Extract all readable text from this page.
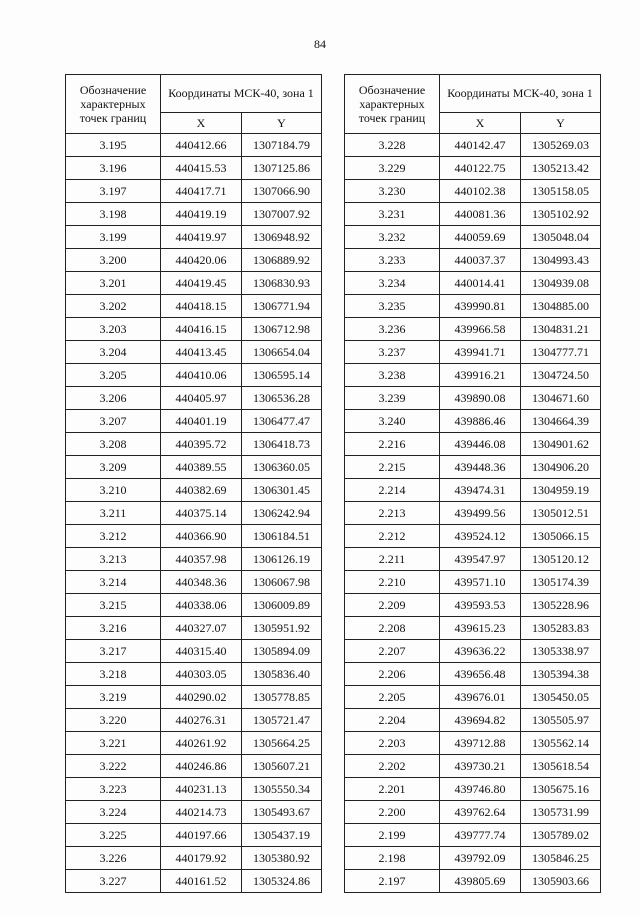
84
Обозначение характерных точек границ	Координаты МСК-40, зона 1	
	X	Y
3.195	440412.66	1307184.79
3.196	440415.53	1307125.86
3.197	440417.71	1307066.90
3.198	440419.19	1307007.92
3.199	440419.97	1306948.92
3.200	440420.06	1306889.92
3.201	440419.45	1306830.93
3.202	440418.15	1306771.94
3.203	440416.15	1306712.98
3.204	440413.45	1306654.04
3.205	440410.06	1306595.14
3.206	440405.97	1306536.28
3.207	440401.19	1306477.47
3.208	440395.72	1306418.73
3.209	440389.55	1306360.05
3.210	440382.69	1306301.45
3.211	440375.14	1306242.94
3.212	440366.90	1306184.51
3.213	440357.98	1306126.19
3.214	440348.36	1306067.98
3.215	440338.06	1306009.89
3.216	440327.07	1305951.92
3.217	440315.40	1305894.09
3.218	440303.05	1305836.40
3.219	440290.02	1305778.85
3.220	440276.31	1305721.47
3.221	440261.92	1305664.25
3.222	440246.86	1305607.21
3.223	440231.13	1305550.34
3.224	440214.73	1305493.67
3.225	440197.66	1305437.19
3.226	440179.92	1305380.92
3.227	440161.52	1305324.86
Обозначение характерных точек границ	Координаты МСК-40, зона 1	
	X	Y
3.228	440142.47	1305269.03
3.229	440122.75	1305213.42
3.230	440102.38	1305158.05
3.231	440081.36	1305102.92
3.232	440059.69	1305048.04
3.233	440037.37	1304993.43
3.234	440014.41	1304939.08
3.235	439990.81	1304885.00
3.236	439966.58	1304831.21
3.237	439941.71	1304777.71
3.238	439916.21	1304724.50
3.239	439890.08	1304671.60
3.240	439886.46	1304664.39
2.216	439446.08	1304901.62
2.215	439448.36	1304906.20
2.214	439474.31	1304959.19
2.213	439499.56	1305012.51
2.212	439524.12	1305066.15
2.211	439547.97	1305120.12
2.210	439571.10	1305174.39
2.209	439593.53	1305228.96
2.208	439615.23	1305283.83
2.207	439636.22	1305338.97
2.206	439656.48	1305394.38
2.205	439676.01	1305450.05
2.204	439694.82	1305505.97
2.203	439712.88	1305562.14
2.202	439730.21	1305618.54
2.201	439746.80	1305675.16
2.200	439762.64	1305731.99
2.199	439777.74	1305789.02
2.198	439792.09	1305846.25
2.197	439805.69	1305903.66
